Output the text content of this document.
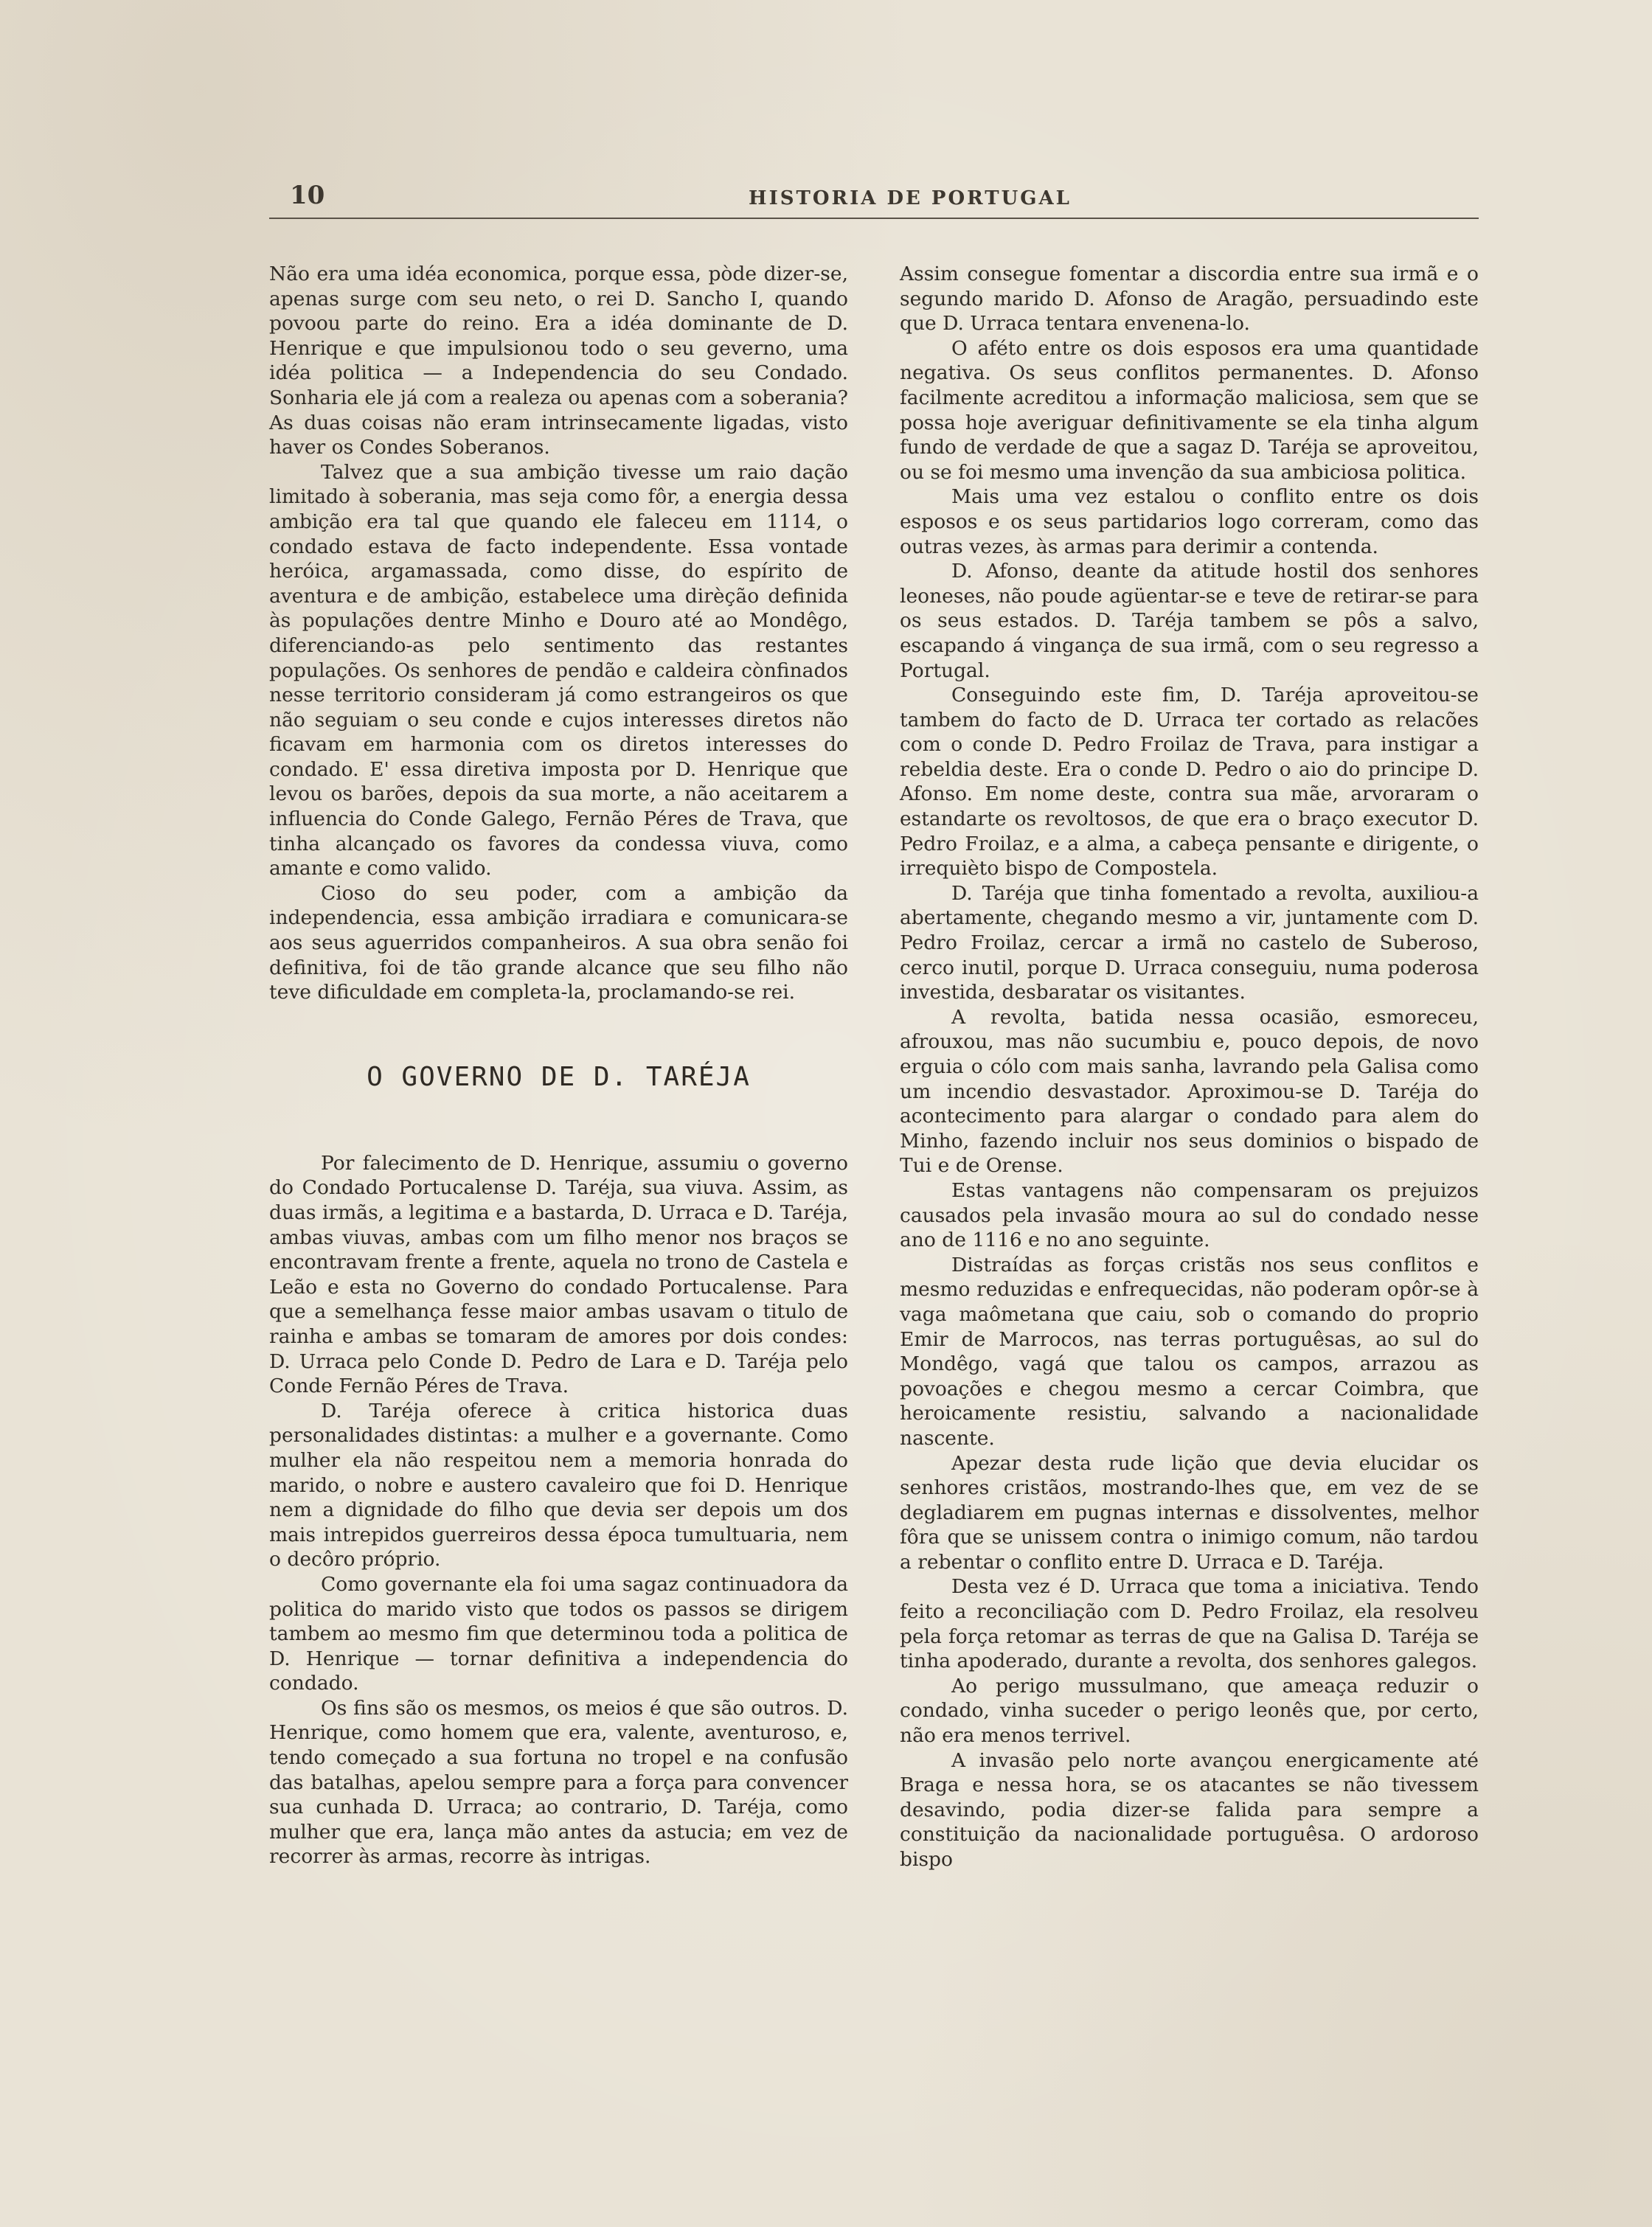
10	HISTORIA DE PORTUGAL

Não era uma idéa economica, porque essa, pòde dizer-se, apenas surge com seu neto, o rei D. Sancho I, quando povoou parte do reino. Era a idéa dominante de D. Henrique e que impulsionou todo o seu geverno, uma idéa politica — a Independencia do seu Condado. Sonharia ele já com a realeza ou apenas com a soberania? As duas coisas não eram intrinsecamente ligadas, visto haver os Condes Soberanos.

Talvez que a sua ambição tivesse um raio dação limitado à soberania, mas seja como fôr, a energia dessa ambição era tal que quando ele faleceu em 1114, o condado estava de facto independente. Essa vontade heróica, argamassada, como disse, do espírito de aventura e de ambição, estabelece uma dirèção definida às populações dentre Minho e Douro até ao Mondêgo, diferenciando-as pelo sentimento das restantes populações. Os senhores de pendão e caldeira cònfinados nesse territorio consideram já como estrangeiros os que não seguiam o seu conde e cujos interesses diretos não ficavam em harmonia com os diretos interesses do condado. E' essa diretiva imposta por D. Henrique que levou os barões, depois da sua morte, a não aceitarem a influencia do Conde Galego, Fernão Péres de Trava, que tinha alcançado os favores da condessa viuva, como amante e como valido.

Cioso do seu poder, com a ambição da independencia, essa ambição irradiara e comunicara-se aos seus aguerridos companheiros. A sua obra senão foi definitiva, foi de tão grande alcance que seu filho não teve dificuldade em completa-la, proclamando-se rei.

O GOVERNO DE D. TARÉJA

Por falecimento de D. Henrique, assumiu o governo do Condado Portucalense D. Taréja, sua viuva. Assim, as duas irmãs, a legitima e a bastarda, D. Urraca e D. Taréja, ambas viuvas, ambas com um filho menor nos braços se encontravam frente a frente, aquela no trono de Castela e Leão e esta no Governo do condado Portucalense. Para que a semelhança fesse maior ambas usavam o titulo de rainha e ambas se tomaram de amores por dois condes: D. Urraca pelo Conde D. Pedro de Lara e D. Taréja pelo Conde Fernão Péres de Trava.

D. Taréja oferece à critica historica duas personalidades distintas: a mulher e a governante. Como mulher ela não respeitou nem a memoria honrada do marido, o nobre e austero cavaleiro que foi D. Henrique nem a dignidade do filho que devia ser depois um dos mais intrepidos guerreiros dessa época tumultuaria, nem o decôro próprio.

Como governante ela foi uma sagaz continuadora da politica do marido visto que todos os passos se dirigem tambem ao mesmo fim que determinou toda a politica de D. Henrique — tornar definitiva a independencia do condado.

Os fins são os mesmos, os meios é que são outros. D. Henrique, como homem que era, valente, aventuroso, e, tendo começado a sua fortuna no tropel e na confusão das batalhas, apelou sempre para a força para convencer sua cunhada D. Urraca; ao contrario, D. Taréja, como mulher que era, lança mão antes da astucia; em vez de recorrer às armas, recorre às intrigas.

Assim consegue fomentar a discordia entre sua irmã e o segundo marido D. Afonso de Aragão, persuadindo este que D. Urraca tentara envenena-lo.

O aféto entre os dois esposos era uma quantidade negativa. Os seus conflitos permanentes. D. Afonso facilmente acreditou a informação maliciosa, sem que se possa hoje averiguar definitivamente se ela tinha algum fundo de verdade de que a sagaz D. Taréja se aproveitou, ou se foi mesmo uma invenção da sua ambiciosa politica.

Mais uma vez estalou o conflito entre os dois esposos e os seus partidarios logo correram, como das outras vezes, às armas para derimir a contenda.

D. Afonso, deante da atitude hostil dos senhores leoneses, não poude agüentar-se e teve de retirar-se para os seus estados. D. Taréja tambem se pôs a salvo, escapando á vingança de sua irmã, com o seu regresso a Portugal.

Conseguindo este fim, D. Taréja aproveitou-se tambem do facto de D. Urraca ter cortado as relacões com o conde D. Pedro Froilaz de Trava, para instigar a rebeldia deste. Era o conde D. Pedro o aio do principe D. Afonso. Em nome deste, contra sua mãe, arvoraram o estandarte os revoltosos, de que era o braço executor D. Pedro Froilaz, e a alma, a cabeça pensante e dirigente, o irrequièto bispo de Compostela.

D. Taréja que tinha fomentado a revolta, auxiliou-a abertamente, chegando mesmo a vir, juntamente com D. Pedro Froilaz, cercar a irmã no castelo de Suberoso, cerco inutil, porque D. Urraca conseguiu, numa poderosa investida, desbaratar os visitantes.

A revolta, batida nessa ocasião, esmoreceu, afrouxou, mas não sucumbiu e, pouco depois, de novo erguia o cólo com mais sanha, lavrando pela Galisa como um incendio desvastador. Aproximou-se D. Taréja do acontecimento para alargar o condado para alem do Minho, fazendo incluir nos seus dominios o bispado de Tui e de Orense.

Estas vantagens não compensaram os prejuizos causados pela invasão moura ao sul do condado nesse ano de 1116 e no ano seguinte.

Distraídas as forças cristãs nos seus conflitos e mesmo reduzidas e enfrequecidas, não poderam opôr-se à vaga maômetana que caiu, sob o comando do proprio Emir de Marrocos, nas terras portuguêsas, ao sul do Mondêgo, vagá que talou os campos, arrazou as povoações e chegou mesmo a cercar Coimbra, que heroicamente resistiu, salvando a nacionalidade nascente.

Apezar desta rude lição que devia elucidar os senhores cristãos, mostrando-lhes que, em vez de se degladiarem em pugnas internas e dissolventes, melhor fôra que se unissem contra o inimigo comum, não tardou a rebentar o conflito entre D. Urraca e D. Taréja.

Desta vez é D. Urraca que toma a iniciativa. Tendo feito a reconciliação com D. Pedro Froilaz, ela resolveu pela força retomar as terras de que na Galisa D. Taréja se tinha apoderado, durante a revolta, dos senhores galegos.

Ao perigo mussulmano, que ameaça reduzir o condado, vinha suceder o perigo leonês que, por certo, não era menos terrivel.

A invasão pelo norte avançou energicamente até Braga e nessa hora, se os atacantes se não tivessem desavindo, podia dizer-se falida para sempre a constituição da nacionalidade portuguêsa. O ardoroso bispo
